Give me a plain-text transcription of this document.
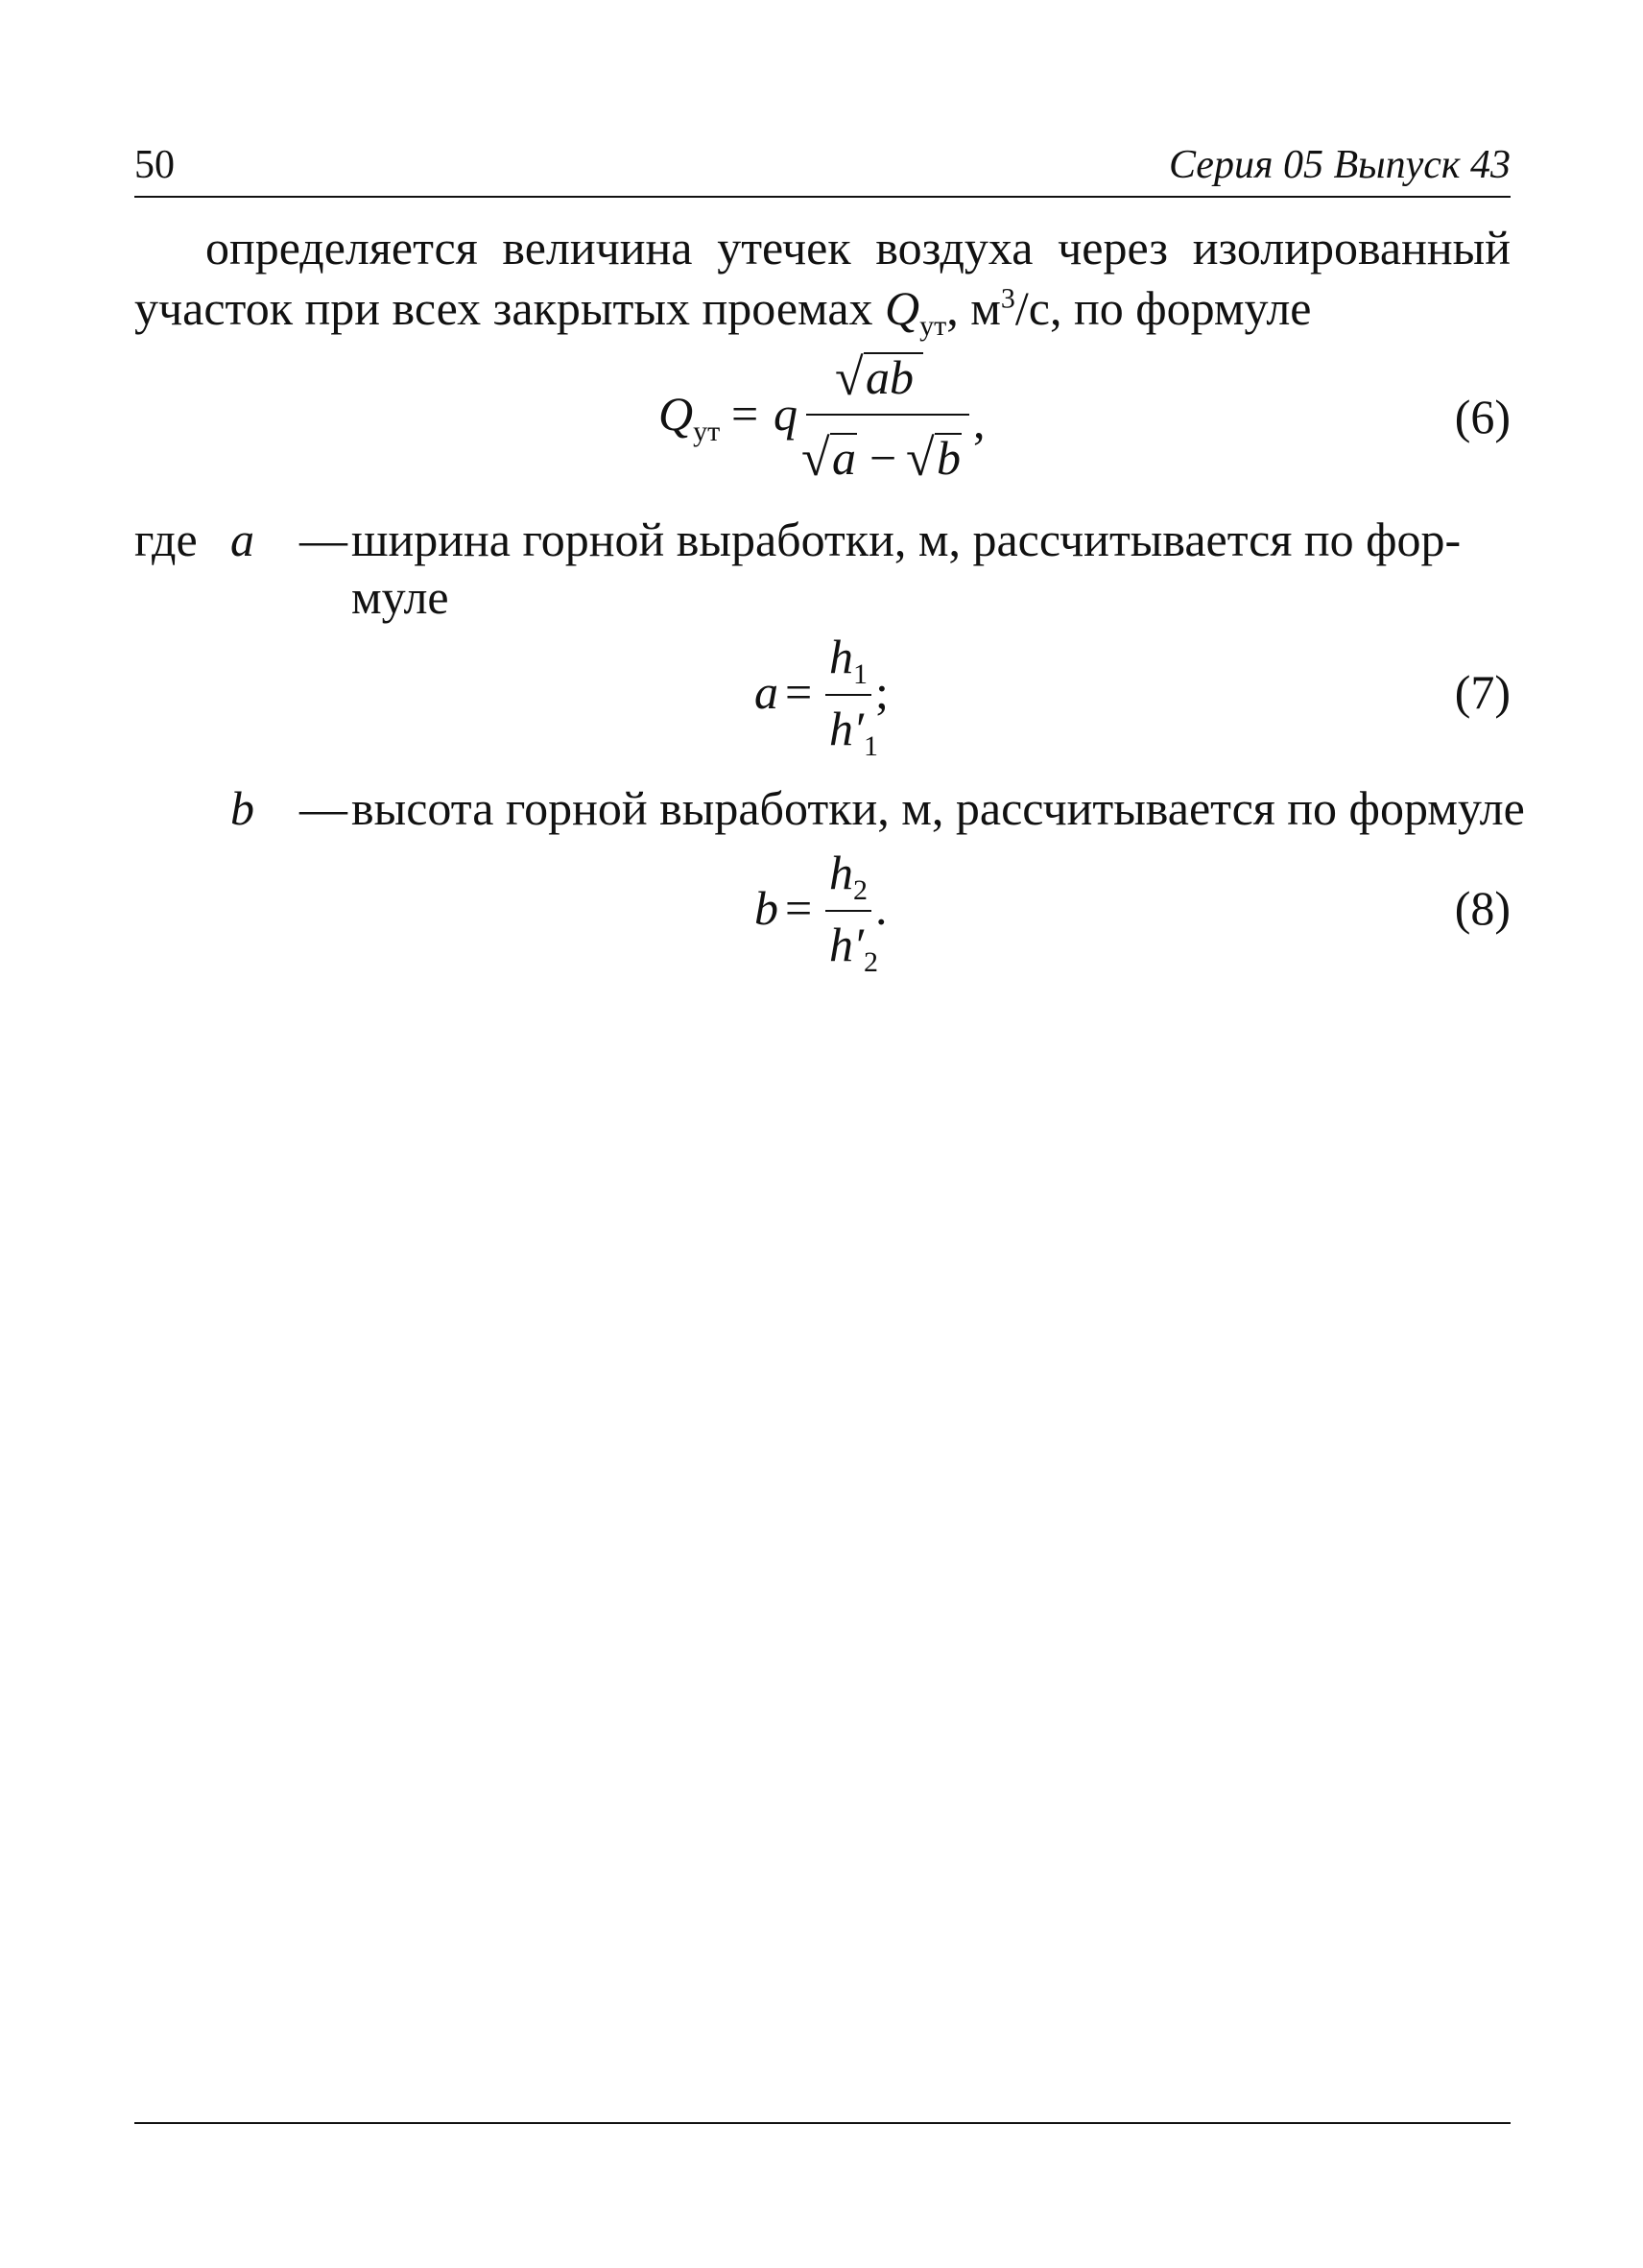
50	Серия 05 Выпуск 43
определяется величина утечек воздуха через изолированный
участок при всех закрытых проемах $Q_{ут}$, $м^3/с$, по формуле
$Q_{ут} = q$
√ ab
√ a − √ b
,	(6)
где a — ширина горной выработки, м, рассчитывается по фор-
муле
a =
$h_1$
$h'_1$
;	(7)
b — высота горной выработки, м, рассчитывается по формуле
b =
$h_2$
$h'_2$
.	(8)
